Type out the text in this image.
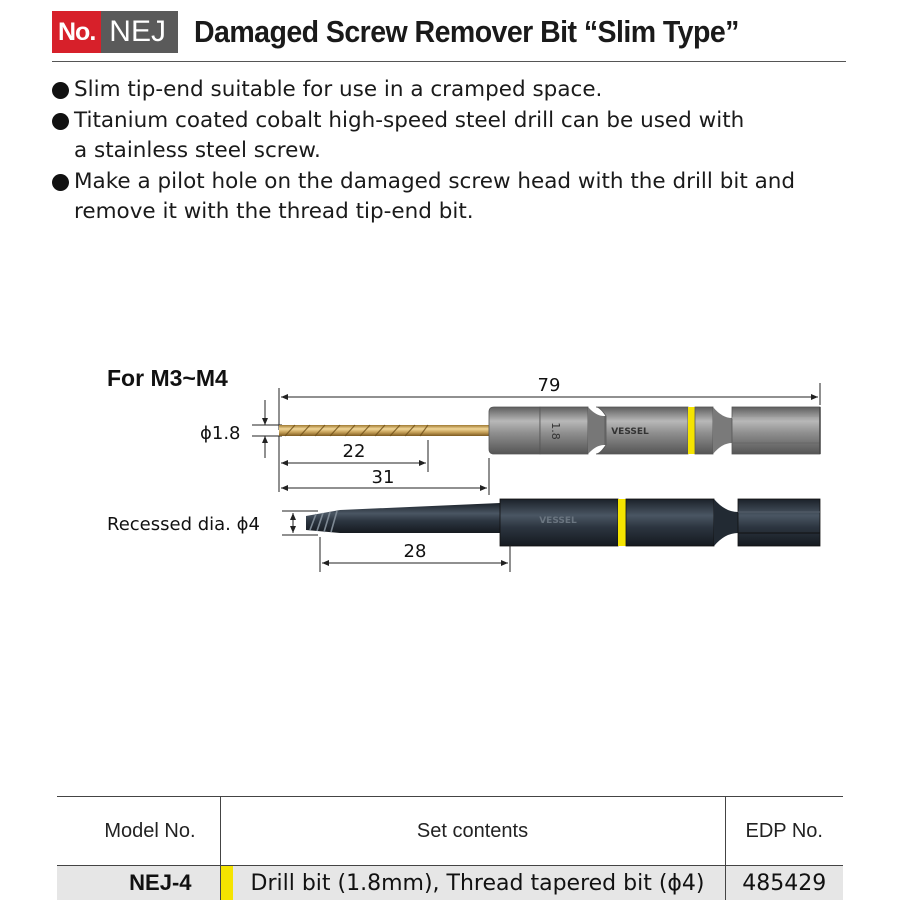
No. NEJ Damaged Screw Remover Bit “Slim Type”
Slim tip-end suitable for use in a cramped space.
Titanium coated cobalt high-speed steel drill can be used with
a stainless steel screw.
Make a pilot hole on the damaged screw head with the drill bit and
remove it with the thread tip-end bit.
For M3~M4	79
ϕ1.8	1.8	VESSEL
22
31
Recessed dia. ϕ4	VESSEL
28
Model No.	Set contents	EDP No.
NEJ-4	Drill bit (1.8mm), Thread tapered bit (ϕ4)	485429
